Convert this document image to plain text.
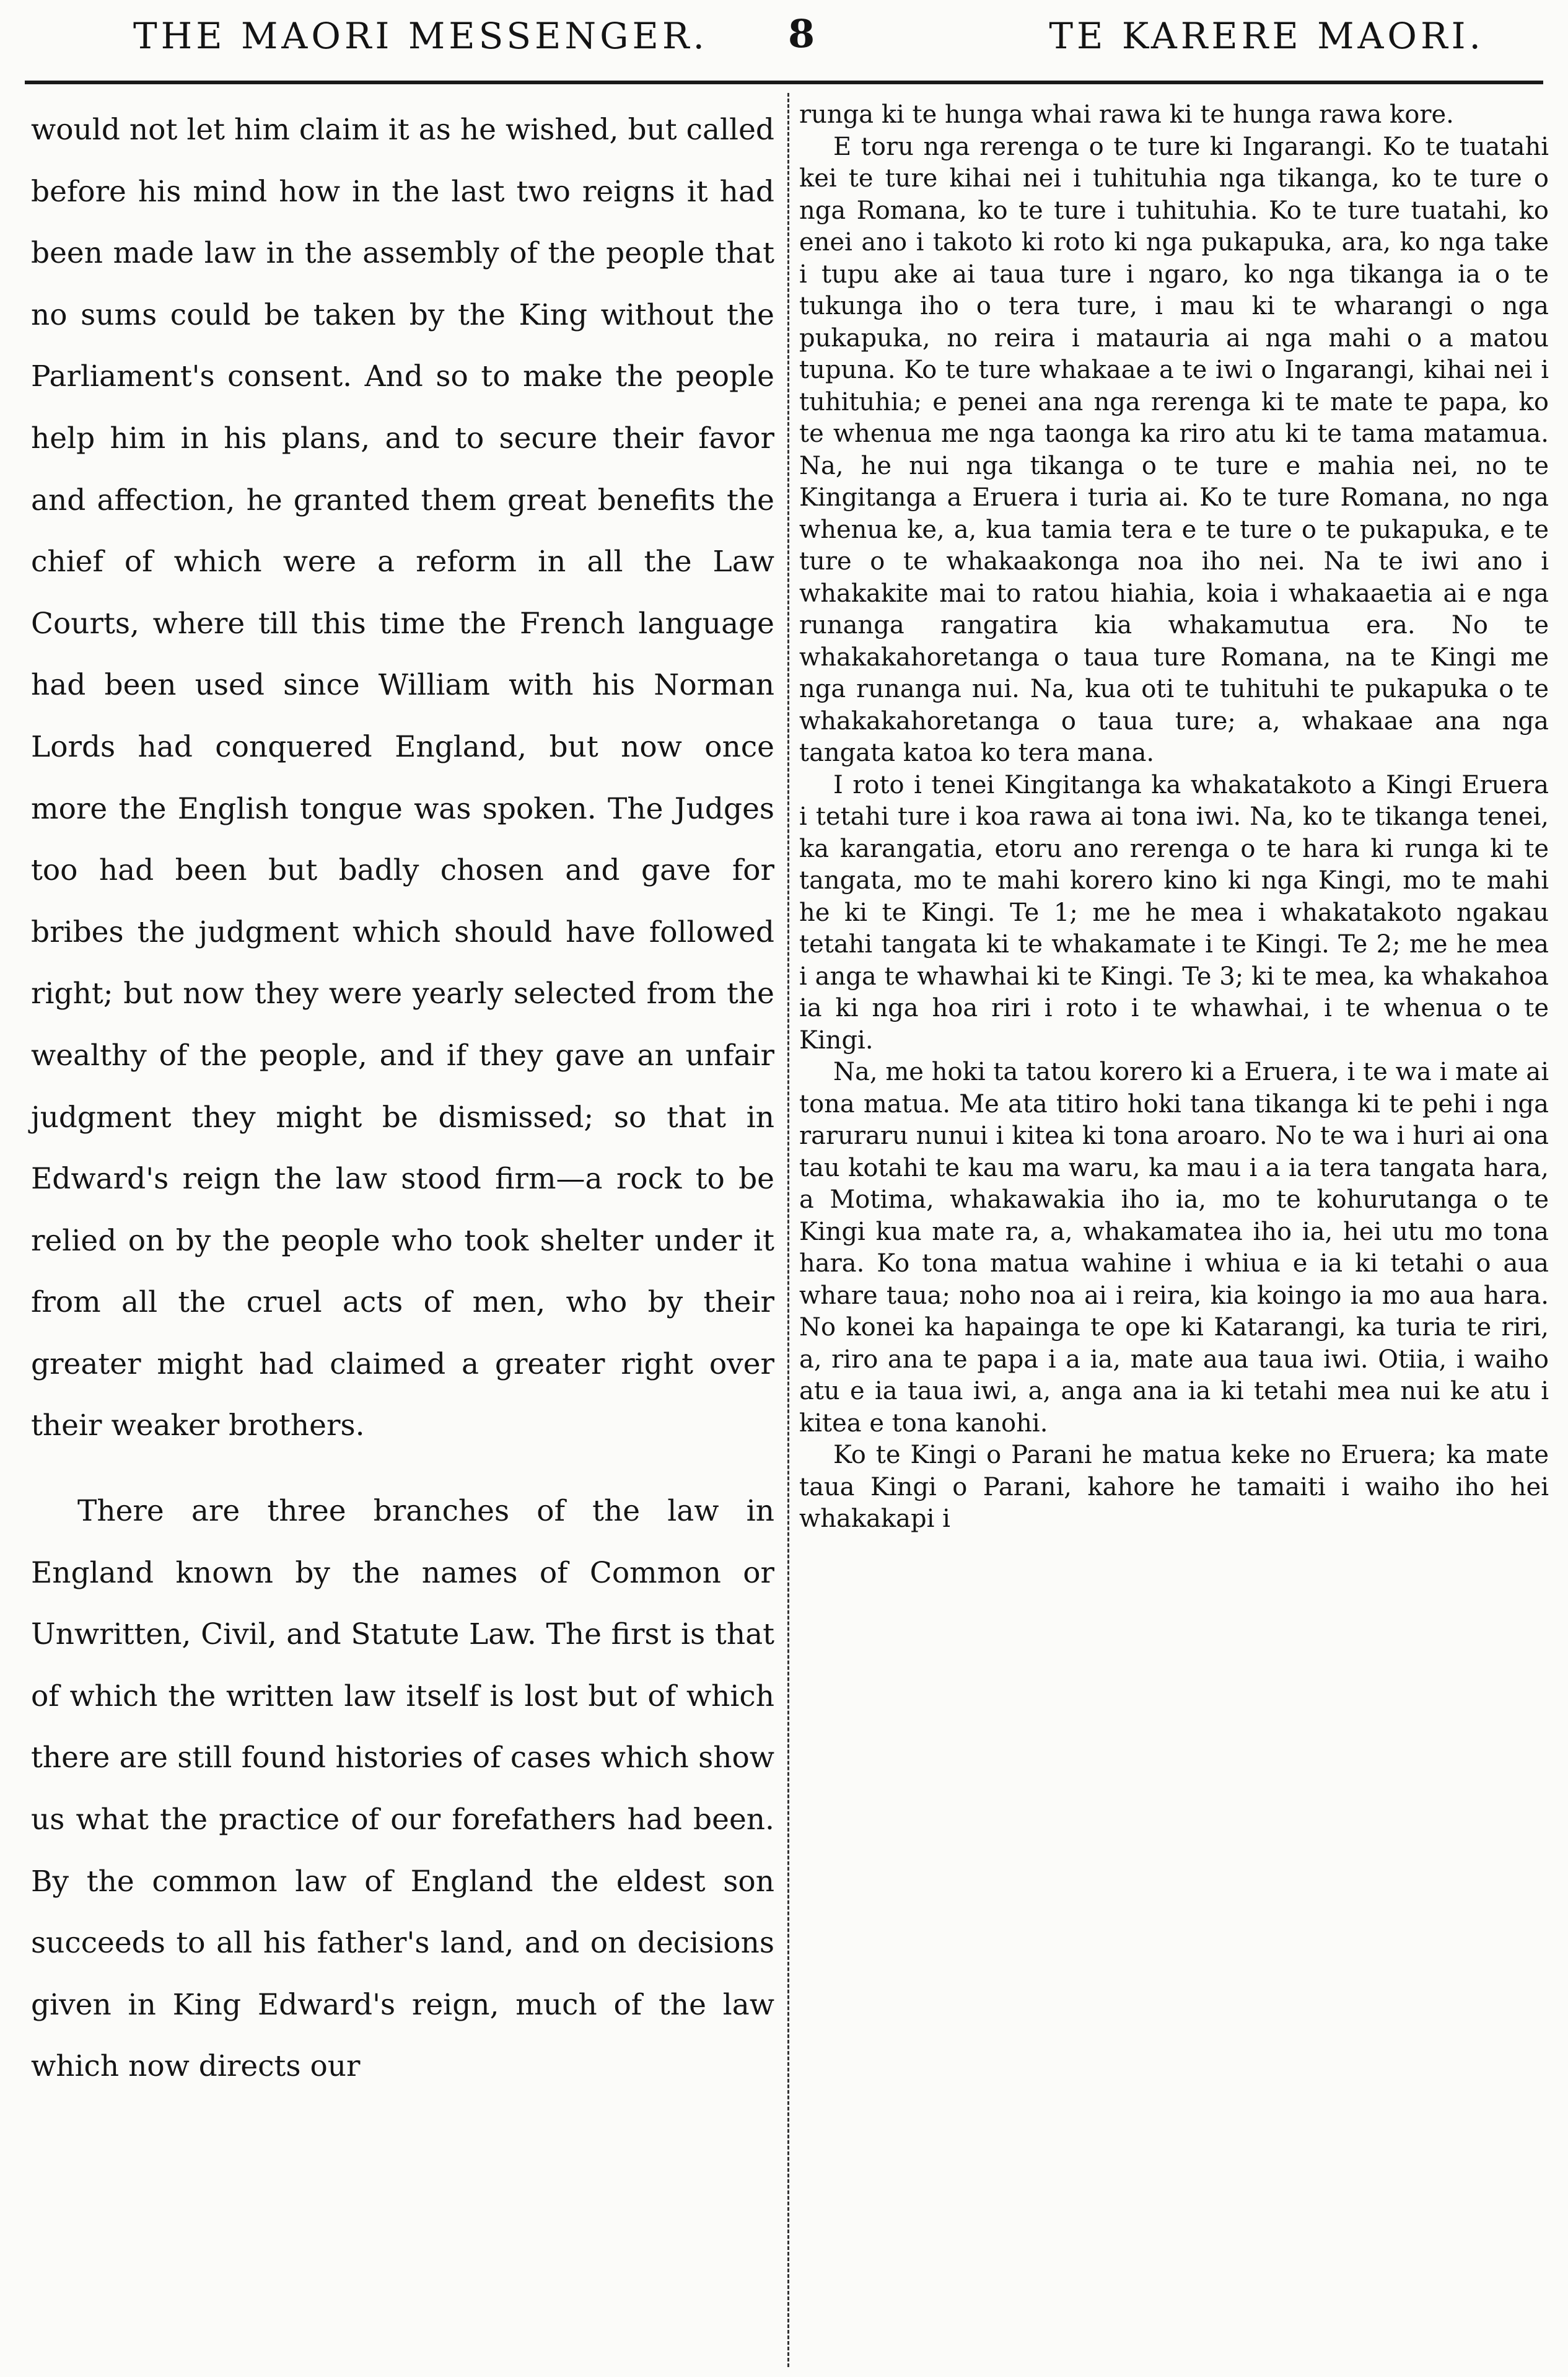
THE MAORI MESSENGER. 8	TE KARERE MAORI.

would not let him claim it as he wished, but called before his mind how in the last two reigns it had been made law in the assembly of the people that no sums could be taken by the King without the Parliament's consent. And so to make the people help him in his plans, and to secure their favor and affection, he granted them great benefits the chief of which were a reform in all the Law Courts, where till this time the French language had been used since William with his Norman Lords had conquered England, but now once more the English tongue was spoken. The Judges too had been but badly chosen and gave for bribes the judgment which should have followed right; but now they were yearly selected from the wealthy of the people, and if they gave an unfair judgment they might be dismissed; so that in Edward's reign the law stood firm—a rock to be relied on by the people who took shelter under it from all the cruel acts of men, who by their greater might had claimed a greater right over their weaker brothers.

There are three branches of the law in England known by the names of Common or Unwritten, Civil, and Statute Law. The first is that of which the written law itself is lost but of which there are still found histories of cases which show us what the practice of our forefathers had been. By the common law of England the eldest son succeeds to all his father's land, and on decisions given in King Edward's reign, much of the law which now directs our

runga ki te hunga whai rawa ki te hunga rawa kore.

E toru nga rerenga o te ture ki Ingarangi. Ko te tuatahi kei te ture kihai nei i tuhituhia nga tikanga, ko te ture o nga Romana, ko te ture i tuhituhia. Ko te ture tuatahi, ko enei ano i takoto ki roto ki nga pukapuka, ara, ko nga take i tupu ake ai taua ture i ngaro, ko nga tikanga ia o te tukunga iho o tera ture, i mau ki te wharangi o nga pukapuka, no reira i matauria ai nga mahi o a matou tupuna. Ko te ture whakaae a te iwi o Ingarangi, kihai nei i tuhituhia; e penei ana nga rerenga ki te mate te papa, ko te whenua me nga taonga ka riro atu ki te tama matamua. Na, he nui nga tikanga o te ture e mahia nei, no te Kingitanga a Eruera i turia ai. Ko te ture Romana, no nga whenua ke, a, kua tamia tera e te ture o te pukapuka, e te ture o te whakaakonga noa iho nei. Na te iwi ano i whakakite mai to ratou hiahia, koia i whakaaetia ai e nga runanga rangatira kia whakamutua era. No te whakakahoretanga o taua ture Romana, na te Kingi me nga runanga nui. Na, kua oti te tuhituhi te pukapuka o te whakakahoretanga o taua ture; a, whakaae ana nga tangata katoa ko tera mana.

I roto i tenei Kingitanga ka whakatakoto a Kingi Eruera i tetahi ture i koa rawa ai tona iwi. Na, ko te tikanga tenei, ka karangatia, etoru ano rerenga o te hara ki runga ki te tangata, mo te mahi korero kino ki nga Kingi, mo te mahi he ki te Kingi. Te 1; me he mea i whakatakoto ngakau tetahi tangata ki te whakamate i te Kingi. Te 2; me he mea i anga te whawhai ki te Kingi. Te 3; ki te mea, ka whakahoa ia ki nga hoa riri i roto i te whawhai, i te whenua o te Kingi.

Na, me hoki ta tatou korero ki a Eruera, i te wa i mate ai tona matua. Me ata titiro hoki tana tikanga ki te pehi i nga raruraru nunui i kitea ki tona aroaro. No te wa i huri ai ona tau kotahi te kau ma waru, ka mau i a ia tera tangata hara, a Motima, whakawakia iho ia, mo te kohurutanga o te Kingi kua mate ra, a, whakamatea iho ia, hei utu mo tona hara. Ko tona matua wahine i whiua e ia ki tetahi o aua whare taua; noho noa ai i reira, kia koingo ia mo aua hara. No konei ka hapainga te ope ki Katarangi, ka turia te riri, a, riro ana te papa i a ia, mate aua taua iwi. Otiia, i waiho atu e ia taua iwi, a, anga ana ia ki tetahi mea nui ke atu i kitea e tona kanohi.

Ko te Kingi o Parani he matua keke no Eruera; ka mate taua Kingi o Parani, kahore he tamaiti i waiho iho hei whakakapi i
